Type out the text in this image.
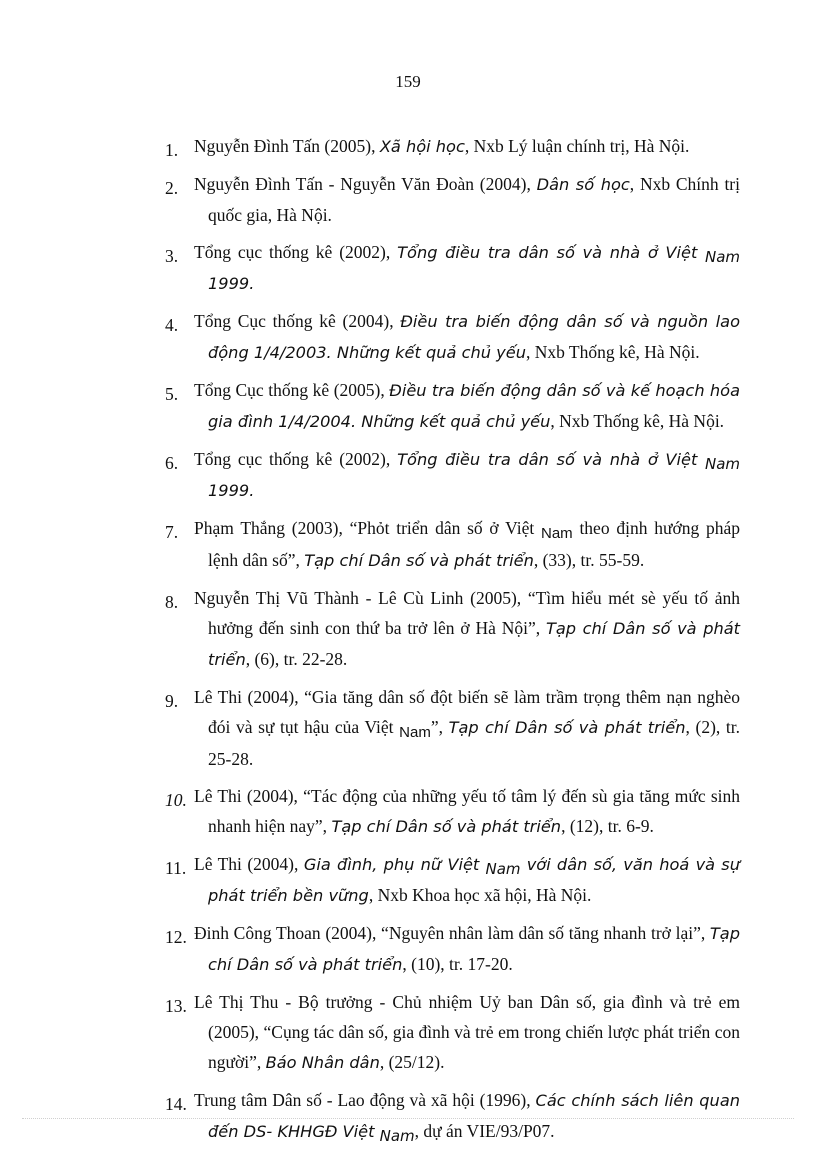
159
1. Nguyễn Đình Tấn (2005), Xã hội học, Nxb Lý luận chính trị, Hà Nội.
2. Nguyễn Đình Tấn - Nguyễn Văn Đoàn (2004), Dân số học, Nxb Chính trị quốc gia, Hà Nội.
3. Tổng cục thống kê (2002), Tổng điều tra dân số và nhà ở Việt Nam 1999.
4. Tổng Cục thống kê (2004), Điều tra biến động dân số và nguồn lao động 1/4/2003. Những kết quả chủ yếu, Nxb Thống kê, Hà Nội.
5. Tổng Cục thống kê (2005), Điều tra biến động dân số và kế hoạch hóa gia đình 1/4/2004. Những kết quả chủ yếu, Nxb Thống kê, Hà Nội.
6. Tổng cục thống kê (2002), Tổng điều tra dân số và nhà ở Việt Nam 1999.
7. Phạm Thắng (2003), “Phỏt triển dân số ở Việt Nam theo định hướng pháp lệnh dân số”, Tạp chí Dân số và phát triển, (33), tr. 55-59.
8. Nguyễn Thị Vũ Thành - Lê Cù Linh (2005), “Tìm hiểu mét sè yếu tố ảnh hưởng đến sinh con thứ ba trở lên ở Hà Nội”, Tạp chí Dân số và phát triển, (6), tr. 22-28.
9. Lê Thi (2004), “Gia tăng dân số đột biến sẽ làm trầm trọng thêm nạn nghèo đói và sự tụt hậu của Việt Nam”, Tạp chí Dân số và phát triển, (2), tr. 25-28.
10. Lê Thi (2004), “Tác động của những yếu tố tâm lý đến sù gia tăng mức sinh nhanh hiện nay”, Tạp chí Dân số và phát triển, (12), tr. 6-9.
11. Lê Thi (2004), Gia đình, phụ nữ Việt Nam với dân số, văn hoá và sự phát triển bền vững, Nxb Khoa học xã hội, Hà Nội.
12. Đinh Công Thoan (2004), “Nguyên nhân làm dân số tăng nhanh trở lại”, Tạp chí Dân số và phát triển, (10), tr. 17-20.
13. Lê Thị Thu - Bộ trưởng - Chủ nhiệm Uỷ ban Dân số, gia đình và trẻ em (2005), “Cụng tác dân số, gia đình và trẻ em trong chiến lược phát triển con người”, Báo Nhân dân, (25/12).
14. Trung tâm Dân số - Lao động và xã hội (1996), Các chính sách liên quan đến DS- KHHGĐ Việt Nam, dự án VIE/93/P07.
